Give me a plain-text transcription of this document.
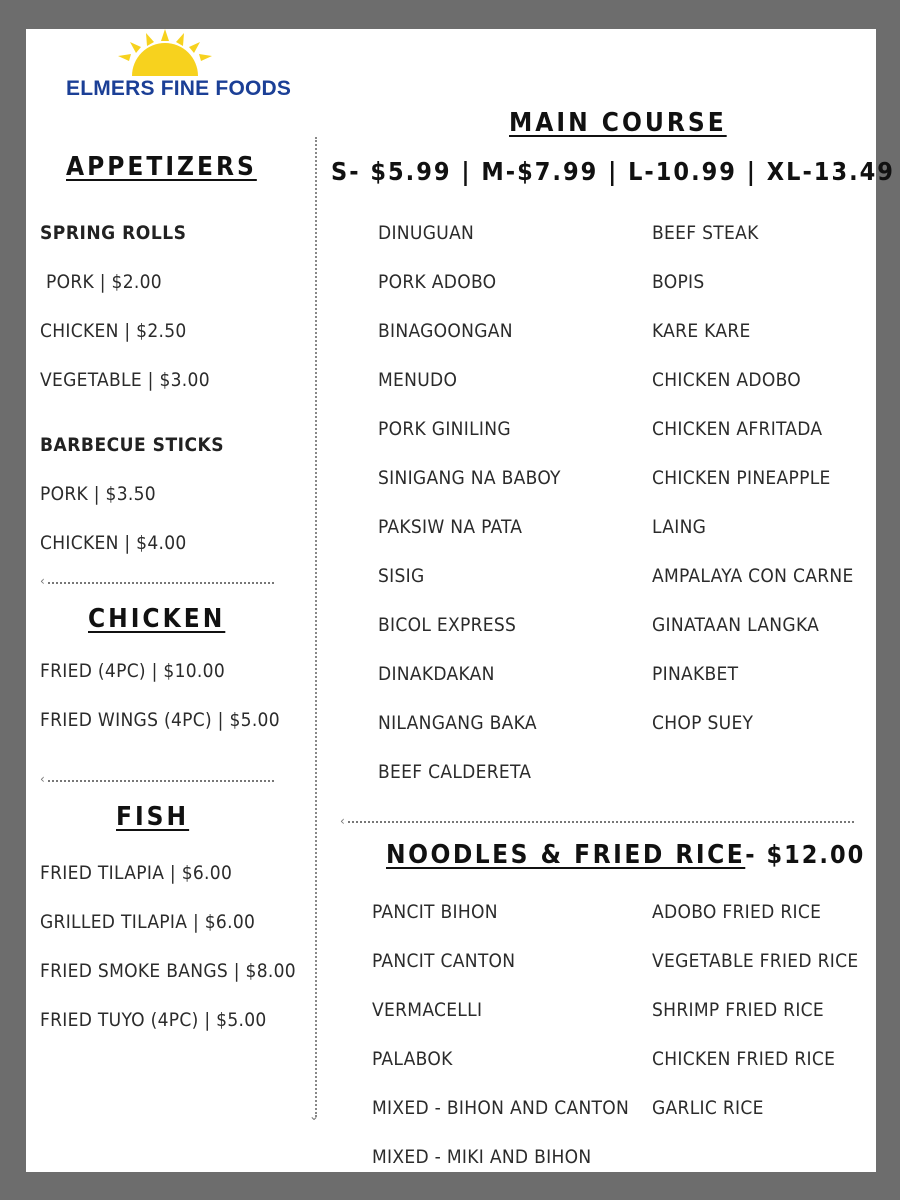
ELMERS FINE FOODS
⌄
APPETIZERS
SPRING ROLLS
PORK | $2.00
CHICKEN | $2.50
VEGETABLE | $3.00
BARBECUE STICKS
PORK | $3.50
CHICKEN | $4.00
‹
CHICKEN
FRIED (4PC) | $10.00
FRIED WINGS (4PC) | $5.00
‹
FISH
FRIED TILAPIA | $6.00
GRILLED TILAPIA | $6.00
FRIED SMOKE BANGS | $8.00
FRIED TUYO (4PC) | $5.00
MAIN COURSE
S- $5.99 | M-$7.99 | L-10.99 | XL-13.49
DINUGUAN
PORK ADOBO
BINAGOONGAN
MENUDO
PORK GINILING
SINIGANG NA BABOY
PAKSIW NA PATA
SISIG
BICOL EXPRESS
DINAKDAKAN
NILANGANG BAKA
BEEF CALDERETA
BEEF STEAK
BOPIS
KARE KARE
CHICKEN ADOBO
CHICKEN AFRITADA
CHICKEN PINEAPPLE
LAING
AMPALAYA CON CARNE
GINATAAN LANGKA
PINAKBET
CHOP SUEY
‹
NOODLES & FRIED RICE- $12.00
PANCIT BIHON
PANCIT CANTON
VERMACELLI
PALABOK
MIXED - BIHON AND CANTON
MIXED - MIKI AND BIHON
ADOBO FRIED RICE
VEGETABLE FRIED RICE
SHRIMP FRIED RICE
CHICKEN FRIED RICE
GARLIC RICE
